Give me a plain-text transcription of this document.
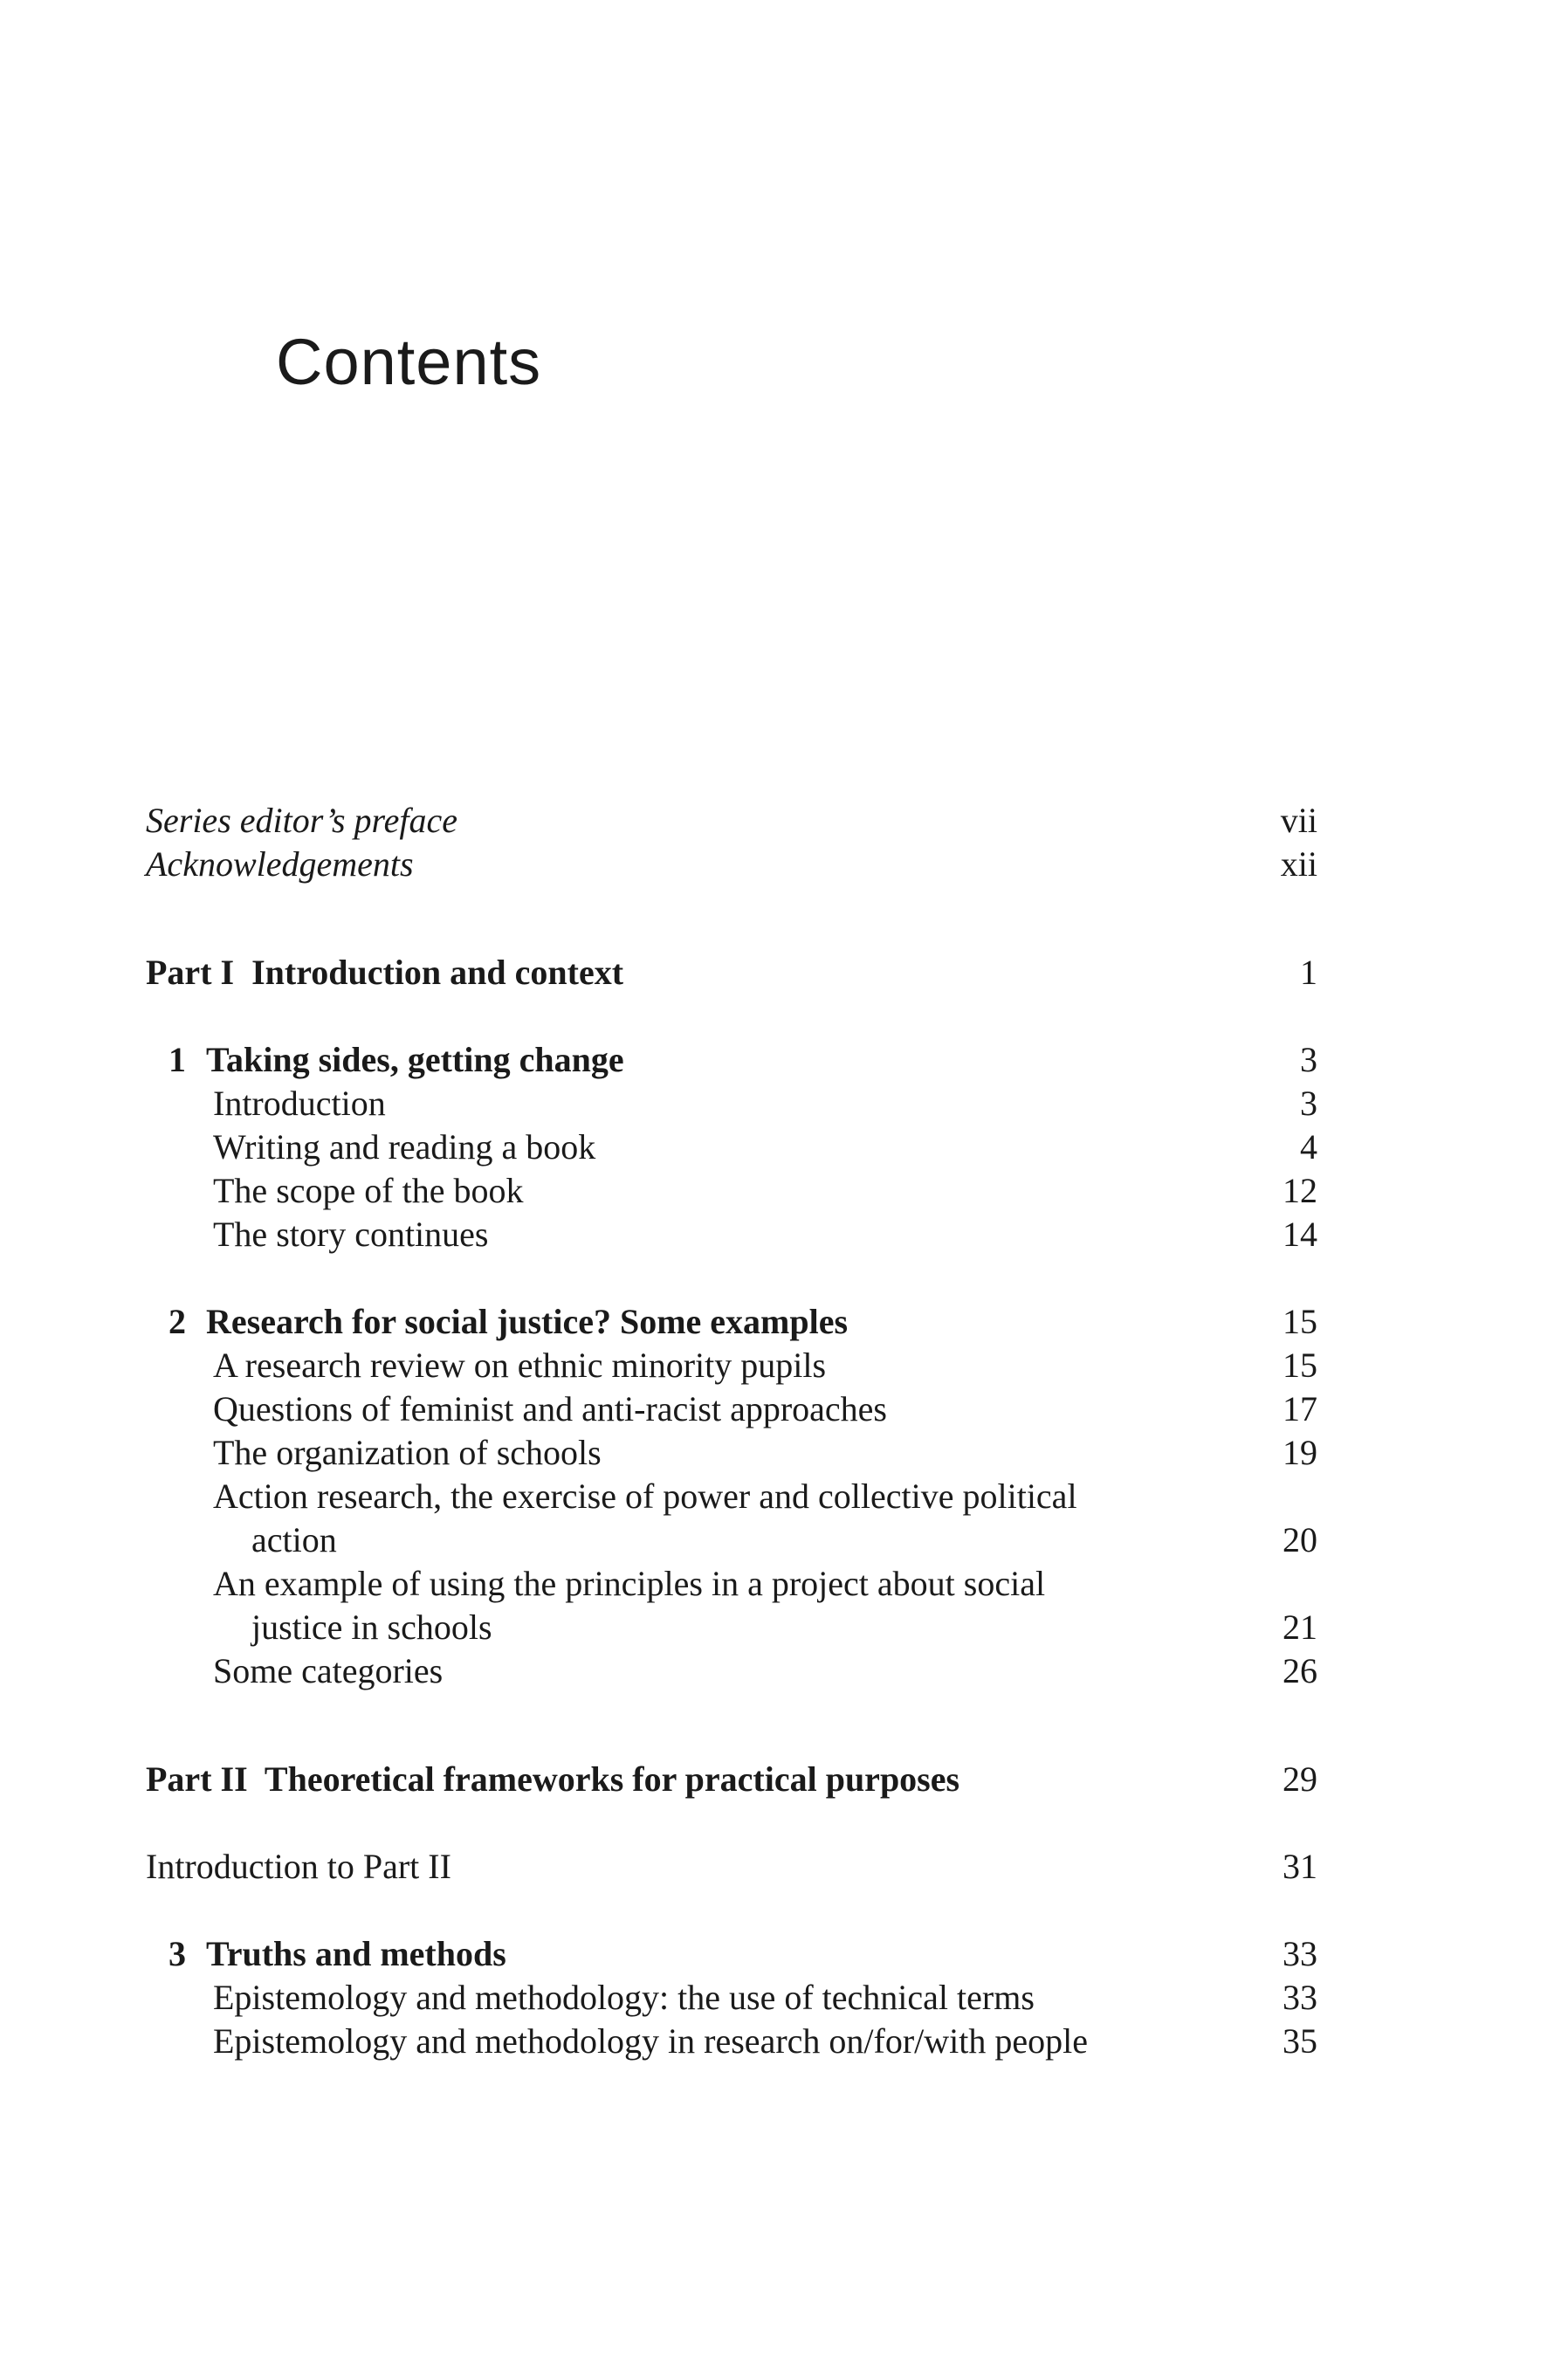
Contents
Series editor’s preface	vii
Acknowledgements	xii
Part I  Introduction and context	1
1 Taking sides, getting change	3
Introduction	3
Writing and reading a book	4
The scope of the book	12
The story continues	14
2 Research for social justice? Some examples	15
A research review on ethnic minority pupils	15
Questions of feminist and anti-racist approaches	17
The organization of schools	19
Action research, the exercise of power and collective political
action	20
An example of using the principles in a project about social
justice in schools	21
Some categories	26
Part II  Theoretical frameworks for practical purposes	29
Introduction to Part II	31
3 Truths and methods	33
Epistemology and methodology: the use of technical terms	33
Epistemology and methodology in research on/for/with people	35
